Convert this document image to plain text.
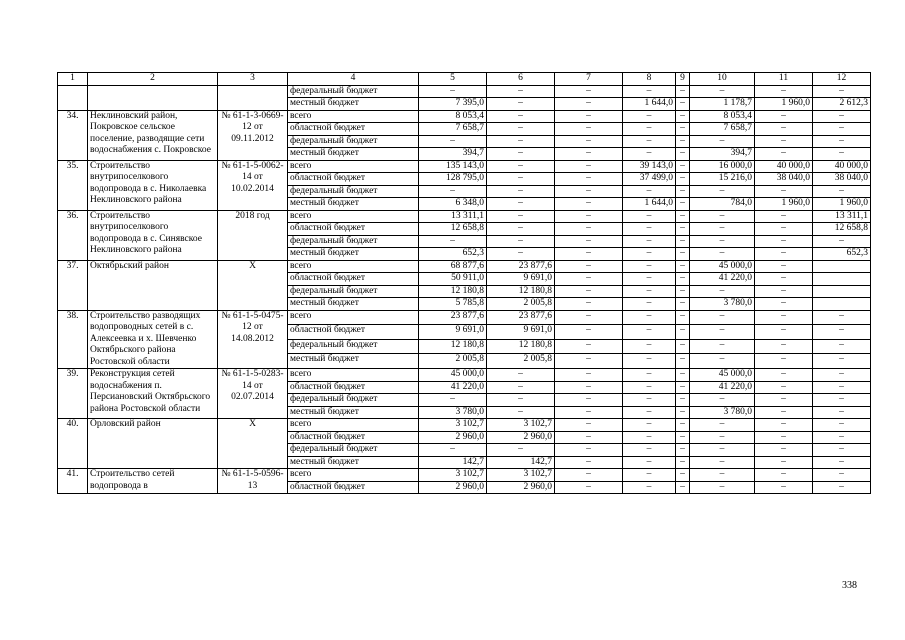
1	2	3	4	5	6	7	8	9	10	11	12
			федеральный бюджет	–	–	–	–	–	–	–	–
			местный бюджет	7 395,0	–	–	1 644,0	–	1 178,7	1 960,0	2 612,3
34.	Неклиновский район, Покровское сельское поселение, разводящие сети водоснабжения с. Покровское	№ 61-1-3-0669-12 от 09.11.2012	всего	8 053,4	–	–	–	–	8 053,4	–	–
			областной бюджет	7 658,7	–	–	–	–	7 658,7	–	–
			федеральный бюджет	–	–	–	–	–	–	–	–
			местный бюджет	394,7	–	–	–	–	394,7	–	–
35.	Строительство внутрипоселкового водопровода в с. Николаевка Неклиновского района	№ 61-1-5-0062-14 от 10.02.2014	всего	135 143,0	–	–	39 143,0	–	16 000,0	40 000,0	40 000,0
			областной бюджет	128 795,0	–	–	37 499,0	–	15 216,0	38 040,0	38 040,0
			федеральный бюджет	–	–	–	–	–	–	–	–
			местный бюджет	6 348,0	–	–	1 644,0	–	784,0	1 960,0	1 960,0
36.	Строительство внутрипоселкового водопровода в с. Синявское Неклиновского района	2018 год	всего	13 311,1	–	–	–	–	–	–	13 311,1
			областной бюджет	12 658,8	–	–	–	–	–	–	12 658,8
			федеральный бюджет	–	–	–	–	–	–	–	–
			местный бюджет	652,3	–	–	–	–	–	–	652,3
37.	Октябрьский район	Х	всего	68 877,6	23 877,6	–	–	–	45 000,0	–	
			областной бюджет	50 911,0	9 691,0	–	–	–	41 220,0	–	
			федеральный бюджет	12 180,8	12 180,8	–	–	–	–	–	
			местный бюджет	5 785,8	2 005,8	–	–	–	3 780,0	–	
38.	Строительство разводящих водопроводных сетей в с. Алексеевка и х. Шевченко Октябрьского района Ростовской области	№ 61-1-5-0475-12 от 14.08.2012	всего	23 877,6	23 877,6	–	–	–	–	–	–
			областной бюджет	9 691,0	9 691,0	–	–	–	–	–	–
			федеральный бюджет	12 180,8	12 180,8	–	–	–	–	–	–
			местный бюджет	2 005,8	2 005,8	–	–	–	–	–	–
39.	Реконструкция сетей водоснабжения п. Персиановский Октябрьского района Ростовской области	№ 61-1-5-0283-14 от 02.07.2014	всего	45 000,0	–	–	–	–	45 000,0	–	–
			областной бюджет	41 220,0	–	–	–	–	41 220,0	–	–
			федеральный бюджет	–	–	–	–	–	–	–	–
			местный бюджет	3 780,0	–	–	–	–	3 780,0	–	–
40.	Орловский район	Х	всего	3 102,7	3 102,7	–	–	–	–	–	–
			областной бюджет	2 960,0	2 960,0	–	–	–	–	–	–
			федеральный бюджет	–	–	–	–	–	–	–	–
			местный бюджет	142,7	142,7	–	–	–	–	–	–
41.	Строительство сетей водопровода в	№ 61-1-5-0596-13	всего	3 102,7	3 102,7	–	–	–	–	–	–
			областной бюджет	2 960,0	2 960,0	–	–	–	–	–	–
338
